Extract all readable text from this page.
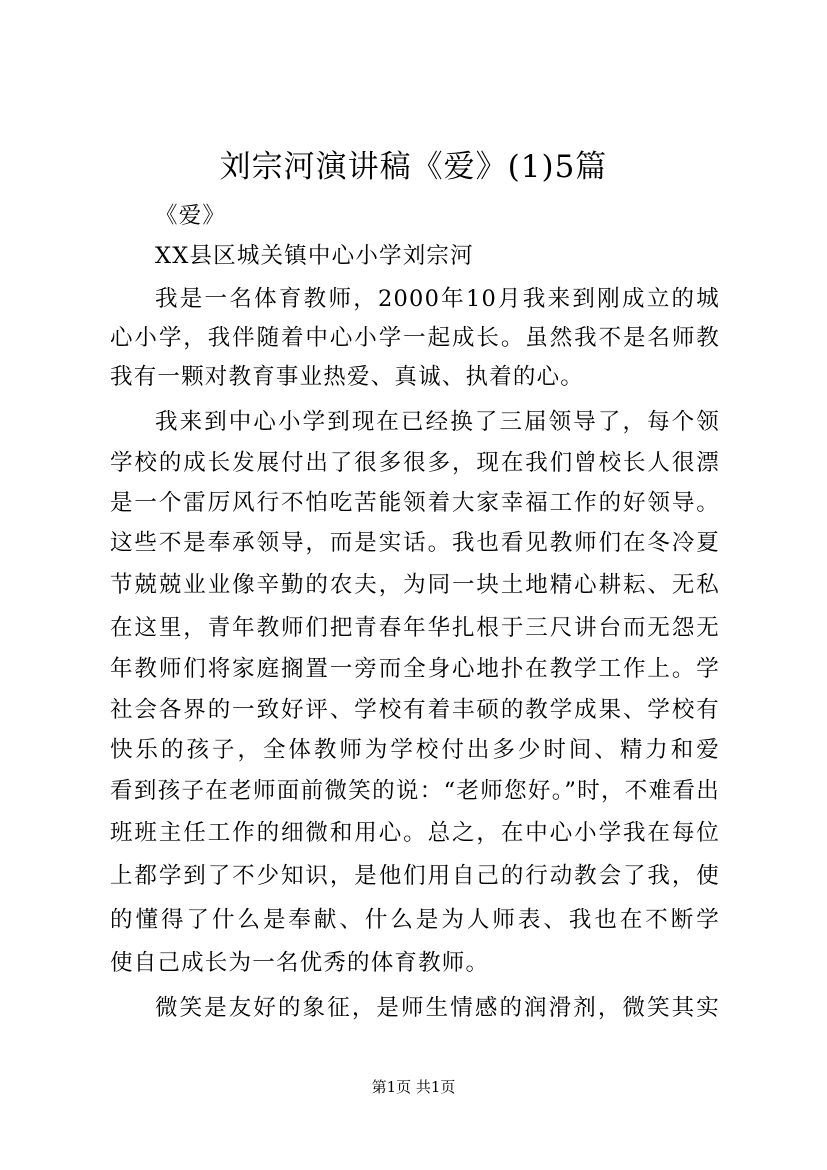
刘宗河演讲稿《爱》(1)5篇
《爱》
XX县区城关镇中心小学刘宗河
我是一名体育教师，2000年10月我来到刚成立的城
心小学，我伴随着中心小学一起成长。虽然我不是名师教
我有一颗对教育事业热爱、真诚、执着的心。
我来到中心小学到现在已经换了三届领导了，每个领
学校的成长发展付出了很多很多，现在我们曾校长人很漂
是一个雷厉风行不怕吃苦能领着大家幸福工作的好领导。
这些不是奉承领导，而是实话。我也看见教师们在冬冷夏
节兢兢业业像辛勤的农夫，为同一块土地精心耕耘、无私
在这里，青年教师们把青春年华扎根于三尺讲台而无怨无
年教师们将家庭搁置一旁而全身心地扑在教学工作上。学
社会各界的一致好评、学校有着丰硕的教学成果、学校有
快乐的孩子，全体教师为学校付出多少时间、精力和爱
看到孩子在老师面前微笑的说：“老师您好。”时，不难看出
班班主任工作的细微和用心。总之，在中心小学我在每位
上都学到了不少知识，是他们用自己的行动教会了我，使
的懂得了什么是奉献、什么是为人师表、我也在不断学
使自己成长为一名优秀的体育教师。
微笑是友好的象征，是师生情感的润滑剂，微笑其实
第1页 共1页
